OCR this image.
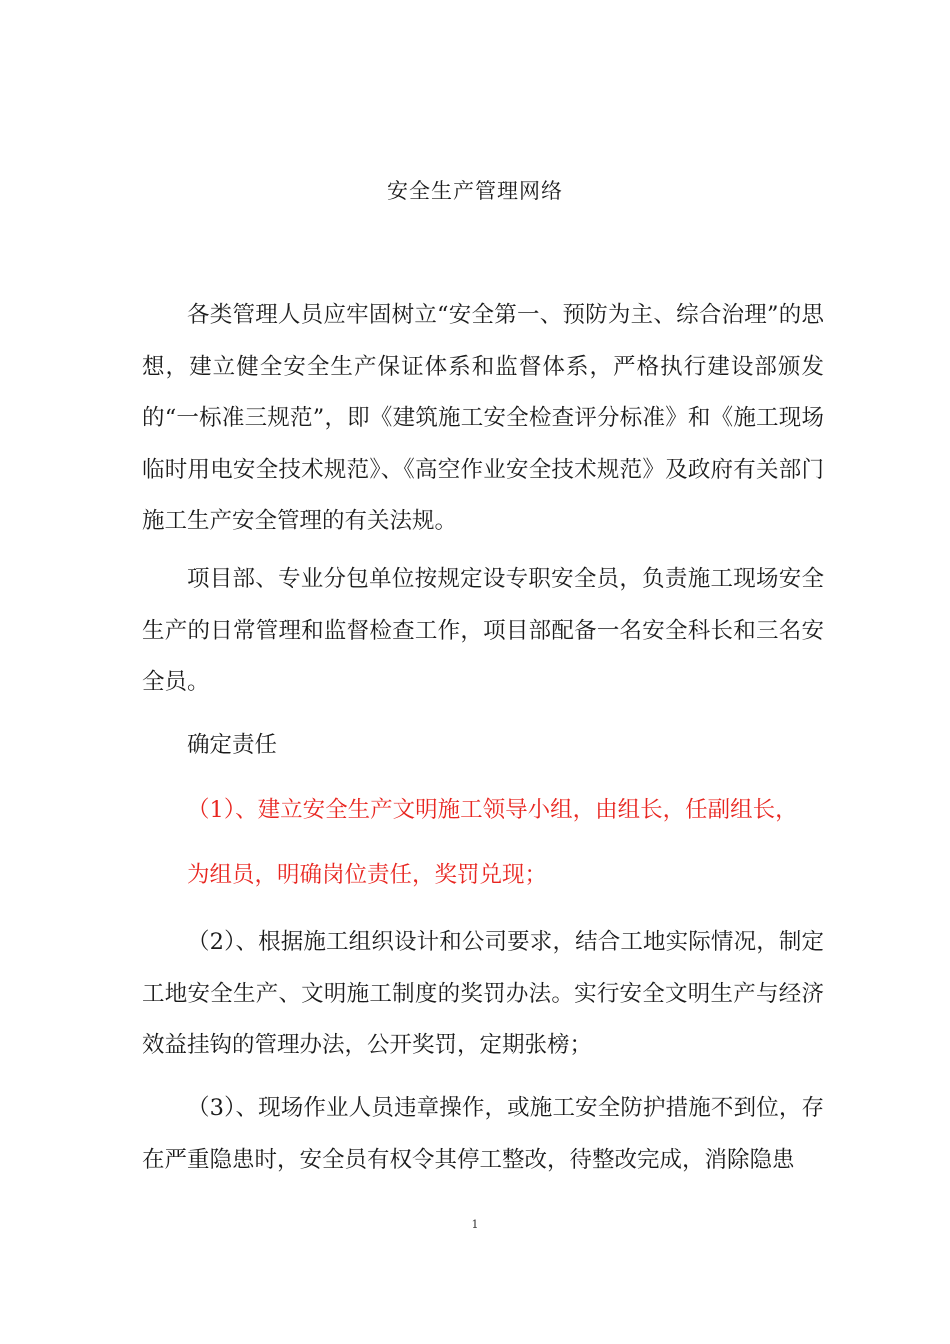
安全生产管理网络

各类管理人员应牢固树立“安全第一、预防为主、综合治理”的思想，建立健全安全生产保证体系和监督体系，严格执行建设部颁发的“一标准三规范”，即《建筑施工安全检查评分标准》和《施工现场临时用电安全技术规范》、《高空作业安全技术规范》及政府有关部门施工生产安全管理的有关法规。

项目部、专业分包单位按规定设专职安全员，负责施工现场安全生产的日常管理和监督检查工作，项目部配备一名安全科长和三名安全员。

确定责任

（1）、建立安全生产文明施工领导小组，由组长，任副组长，

为组员，明确岗位责任，奖罚兑现；

（2）、根据施工组织设计和公司要求，结合工地实际情况，制定工地安全生产、文明施工制度的奖罚办法。实行安全文明生产与经济效益挂钩的管理办法，公开奖罚，定期张榜；

（3）、现场作业人员违章操作，或施工安全防护措施不到位，存在严重隐患时，安全员有权令其停工整改，待整改完成，消除隐患

1
